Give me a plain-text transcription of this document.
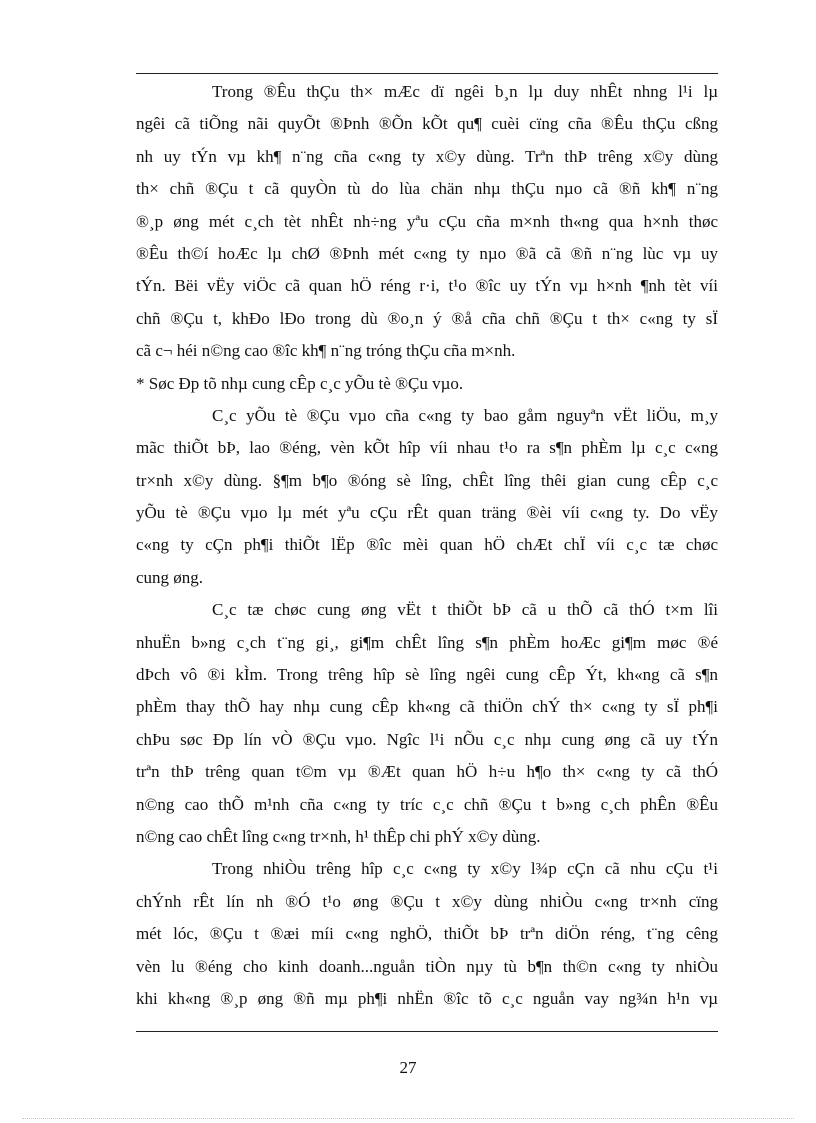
Trong ®Êu thÇu th× mÆc dï ngêi b¸n lµ duy nhÊt nhng l¹i lµ
ngêi cã tiÕng nãi quyÕt ®Þnh ®Õn kÕt qu¶ cuèi cïng cña ®Êu thÇu cßng
nh uy tÝn vµ kh¶ n¨ng cña c«ng ty x©y dùng. Trªn thÞ trêng x©y dùng
th× chñ ®Çu t cã quyÒn tù do lùa chän nhµ thÇu nµo cã ®ñ kh¶ n¨ng
®¸p øng mét c¸ch tèt nhÊt nh÷ng yªu cÇu cña m×nh th«ng qua h×nh thøc
®Êu th©í hoÆc lµ chØ ®Þnh mét c«ng ty nµo ®ã cã ®ñ n¨ng lùc vµ uy
tÝn. Bëi vËy viÖc cã quan hÖ réng r·i, t¹o ®îc uy tÝn vµ h×nh ¶nh tèt víi
chñ ®Çu t, khÐo lÐo trong dù ®o¸n ý ®å cña chñ ®Çu t th× c«ng ty sÏ
cã c¬ héi n©ng cao ®îc kh¶ n¨ng tróng thÇu cña m×nh.
* Søc Ðp tõ nhµ cung cÊp c¸c yÕu tè ®Çu vµo.
C¸c yÕu tè ®Çu vµo cña c«ng ty bao gåm nguyªn vËt liÖu, m¸y
mãc thiÕt bÞ, lao ®éng, vèn kÕt hîp víi nhau t¹o ra s¶n phÈm lµ c¸c c«ng
tr×nh x©y dùng. §¶m b¶o ®óng sè lîng, chÊt lîng thêi gian cung cÊp c¸c
yÕu tè ®Çu vµo lµ mét yªu cÇu rÊt quan träng ®èi víi c«ng ty. Do vËy
c«ng ty cÇn ph¶i thiÕt lËp ®îc mèi quan hÖ chÆt chÏ víi c¸c tæ chøc
cung øng.
C¸c tæ chøc cung øng vËt t thiÕt bÞ cã u thÕ cã thÓ t×m lîi
nhuËn b»ng c¸ch t¨ng gi¸, gi¶m chÊt lîng s¶n phÈm hoÆc gi¶m møc ®é
dÞch vô ®i kÌm. Trong trêng hîp sè lîng ngêi cung cÊp Ýt, kh«ng cã s¶n
phÈm thay thÕ hay nhµ cung cÊp kh«ng cã thiÖn chÝ th× c«ng ty sÏ ph¶i
chÞu søc Ðp lín vÒ ®Çu vµo. Ngîc l¹i nÕu c¸c nhµ cung øng cã uy tÝn
trªn thÞ trêng quan t©m vµ ®Æt quan hÖ h÷u h¶o th× c«ng ty cã thÓ
n©ng cao thÕ m¹nh cña c«ng ty tríc c¸c chñ ®Çu t b»ng c¸ch phÊn ®Êu
n©ng cao chÊt lîng c«ng tr×nh, h¹ thÊp chi phÝ x©y dùng.
Trong nhiÒu trêng hîp c¸c c«ng ty x©y l¾p cÇn cã nhu cÇu t¹i
chÝnh rÊt lín nh ®Ó t¹o øng ®Çu t x©y dùng nhiÒu c«ng tr×nh cïng
mét lóc, ®Çu t ®æi míi c«ng nghÖ, thiÕt bÞ trªn diÖn réng, t¨ng cêng
vèn lu ®éng cho kinh doanh...nguån tiÒn nµy tù b¶n th©n c«ng ty nhiÒu
khi kh«ng ®¸p øng ®ñ mµ ph¶i nhËn ®îc tõ c¸c nguån vay ng¾n h¹n vµ
27
